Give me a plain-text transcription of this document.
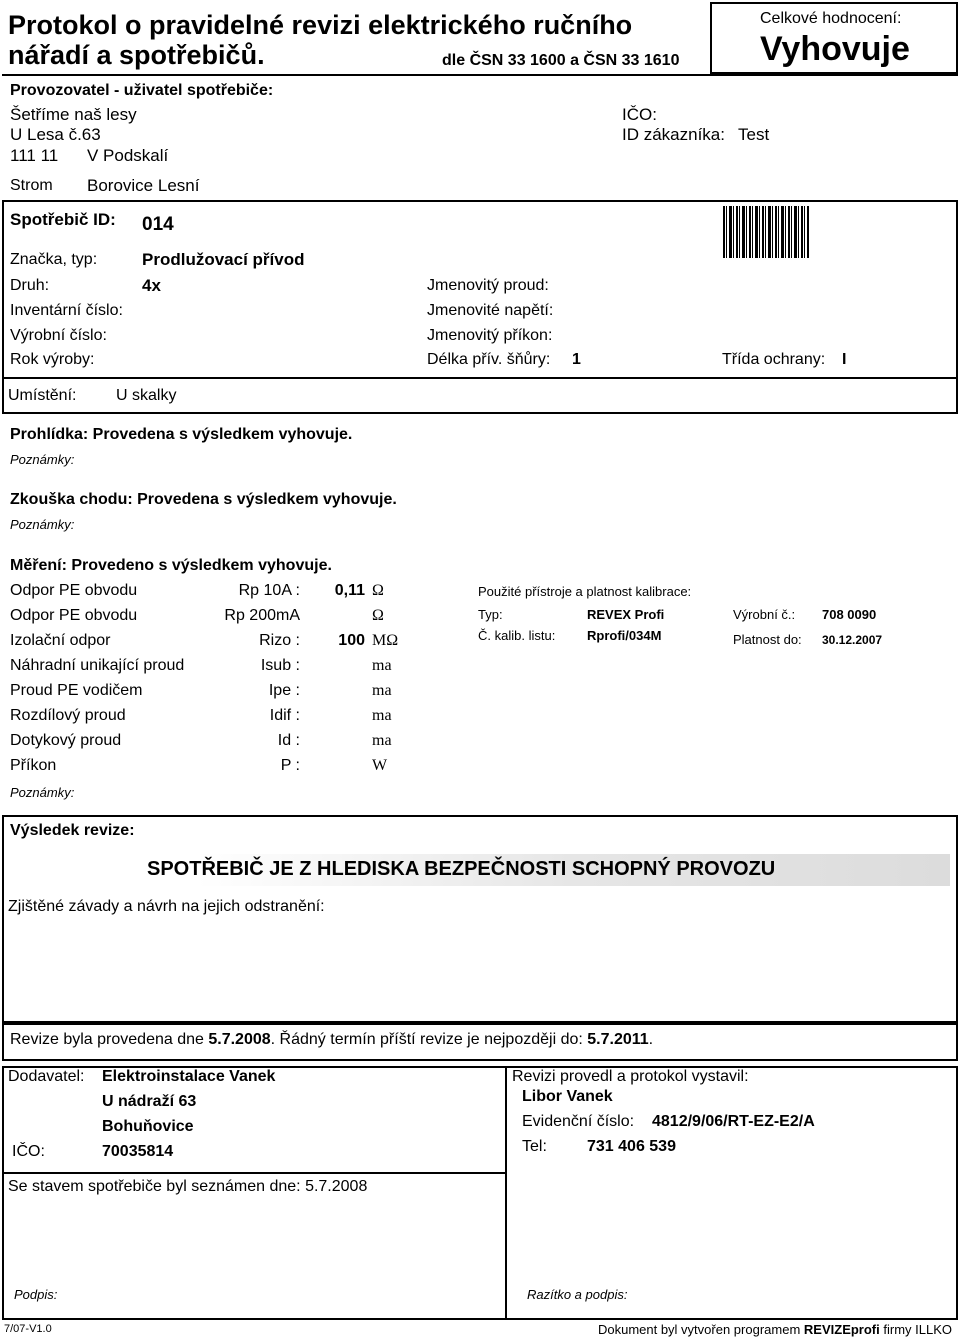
Protokol o pravidelné revizi elektrického ručního
nářadí a spotřebičů.	dle ČSN 33 1600 a ČSN 33 1610
Celkové hodnocení:
Vyhovuje
Provozovatel - uživatel spotřebiče:
Šetříme naš lesy
U Lesa č.63
111 11 V Podskalí
IČO:
ID zákazníka: Test
Strom Borovice Lesní
Spotřebič ID: 014
Značka, typ:	Prodlužovací přívod
Druh:	4x
Inventární číslo:
Výrobní číslo:
Rok výroby:
Jmenovitý proud:
Jmenovité napětí:
Jmenovitý příkon:
Délka přív. šňůry: 1	Třída ochrany: I
Umístění: U skalky
Prohlídka: Provedena s výsledkem vyhovuje.
Poznámky:
Zkouška chodu: Provedena s výsledkem vyhovuje.
Poznámky:
Měření: Provedeno s výsledkem vyhovuje.
Odpor PE obvodu	Rp 10A : 0,11 Ω
Odpor PE obvodu	Rp 200mA	Ω
Izolační odpor	Rizo : 100 MΩ
Náhradní unikající proud	Isub :	ma
Proud PE vodičem	Ipe :	ma
Rozdílový proud	Idif :	ma
Dotykový proud	Id :	ma
Příkon	P :	W
Poznámky:
Použité přístroje a platnost kalibrace:
Typ:	REVEX Profi	Výrobní č.: 708 0090
Č. kalib. listu: Rprofi/034M	Platnost do: 30.12.2007
Výsledek revize:
SPOTŘEBIČ JE Z HLEDISKA BEZPEČNOSTI SCHOPNÝ PROVOZU
Zjištěné závady a návrh na jejich odstranění:
Revize byla provedena dne 5.7.2008. Řádný termín příští revize je nejpozději do: 5.7.2011.
Dodavatel: Elektroinstalace Vanek
U nádraží 63
Bohuňovice
IČO:	70035814
Se stavem spotřebiče byl seznámen dne: 5.7.2008
Podpis:
Revizi provedl a protokol vystavil:
Libor Vanek
Evidenční číslo: 4812/9/06/RT-EZ-E2/A
Tel:	731 406 539
Razítko a podpis:
7/07-V1.0	Dokument byl vytvořen programem REVIZEprofi firmy ILLKO
